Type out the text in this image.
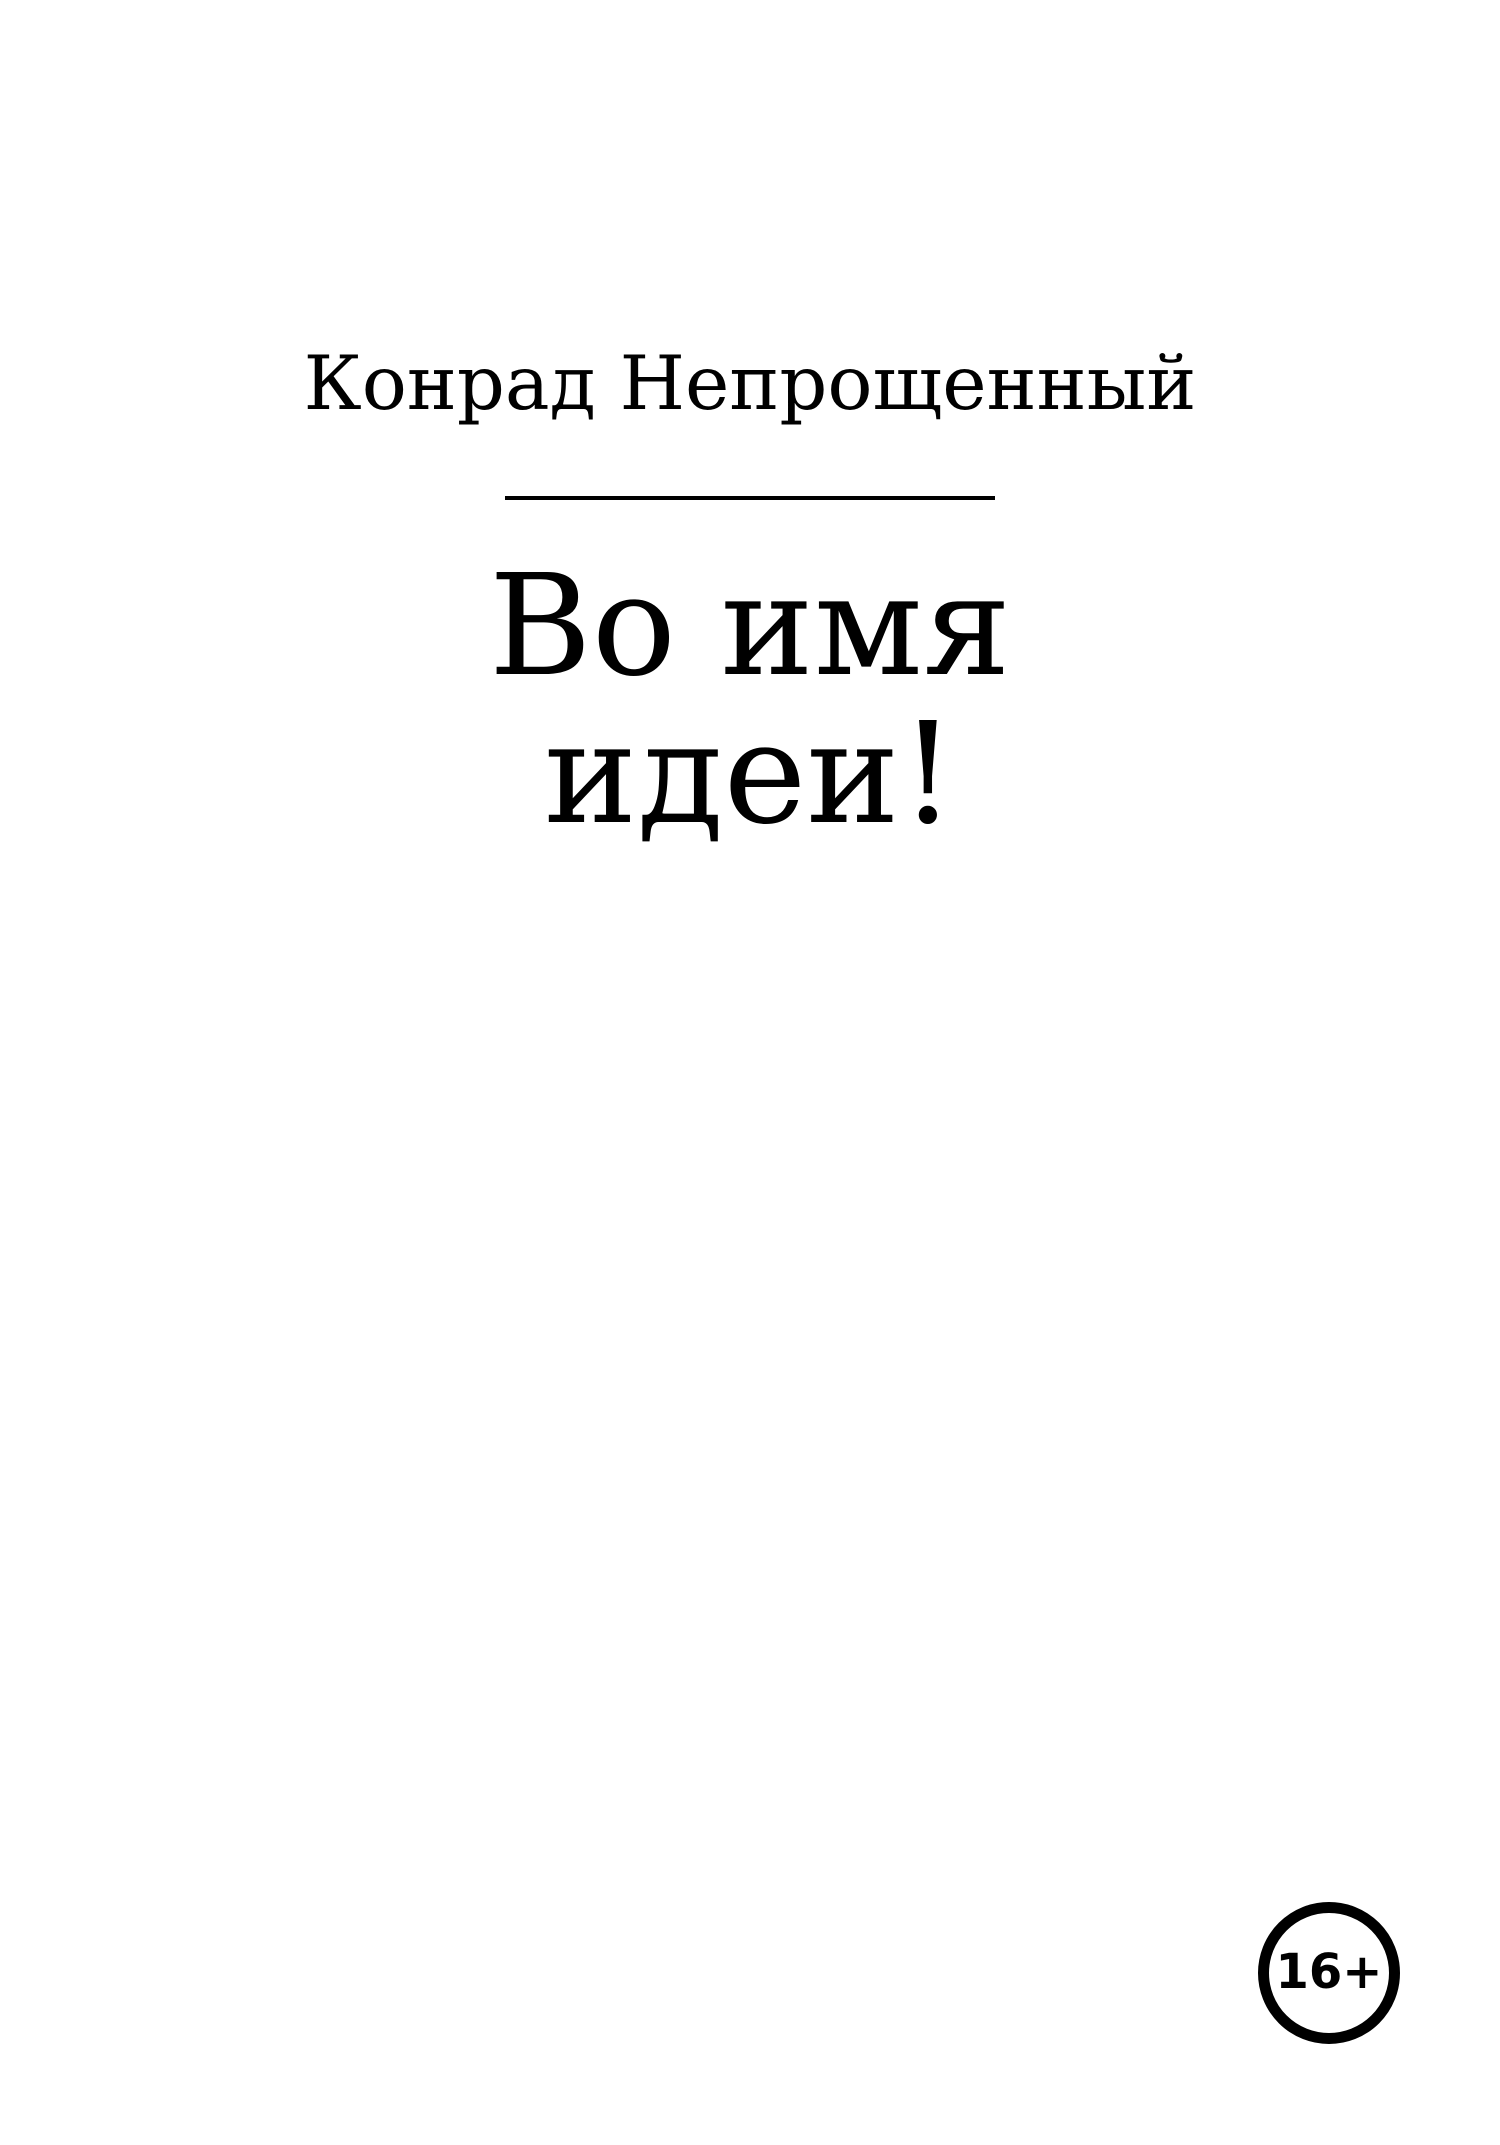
Конрад Непрощенный
Во имя
идеи!
16+
